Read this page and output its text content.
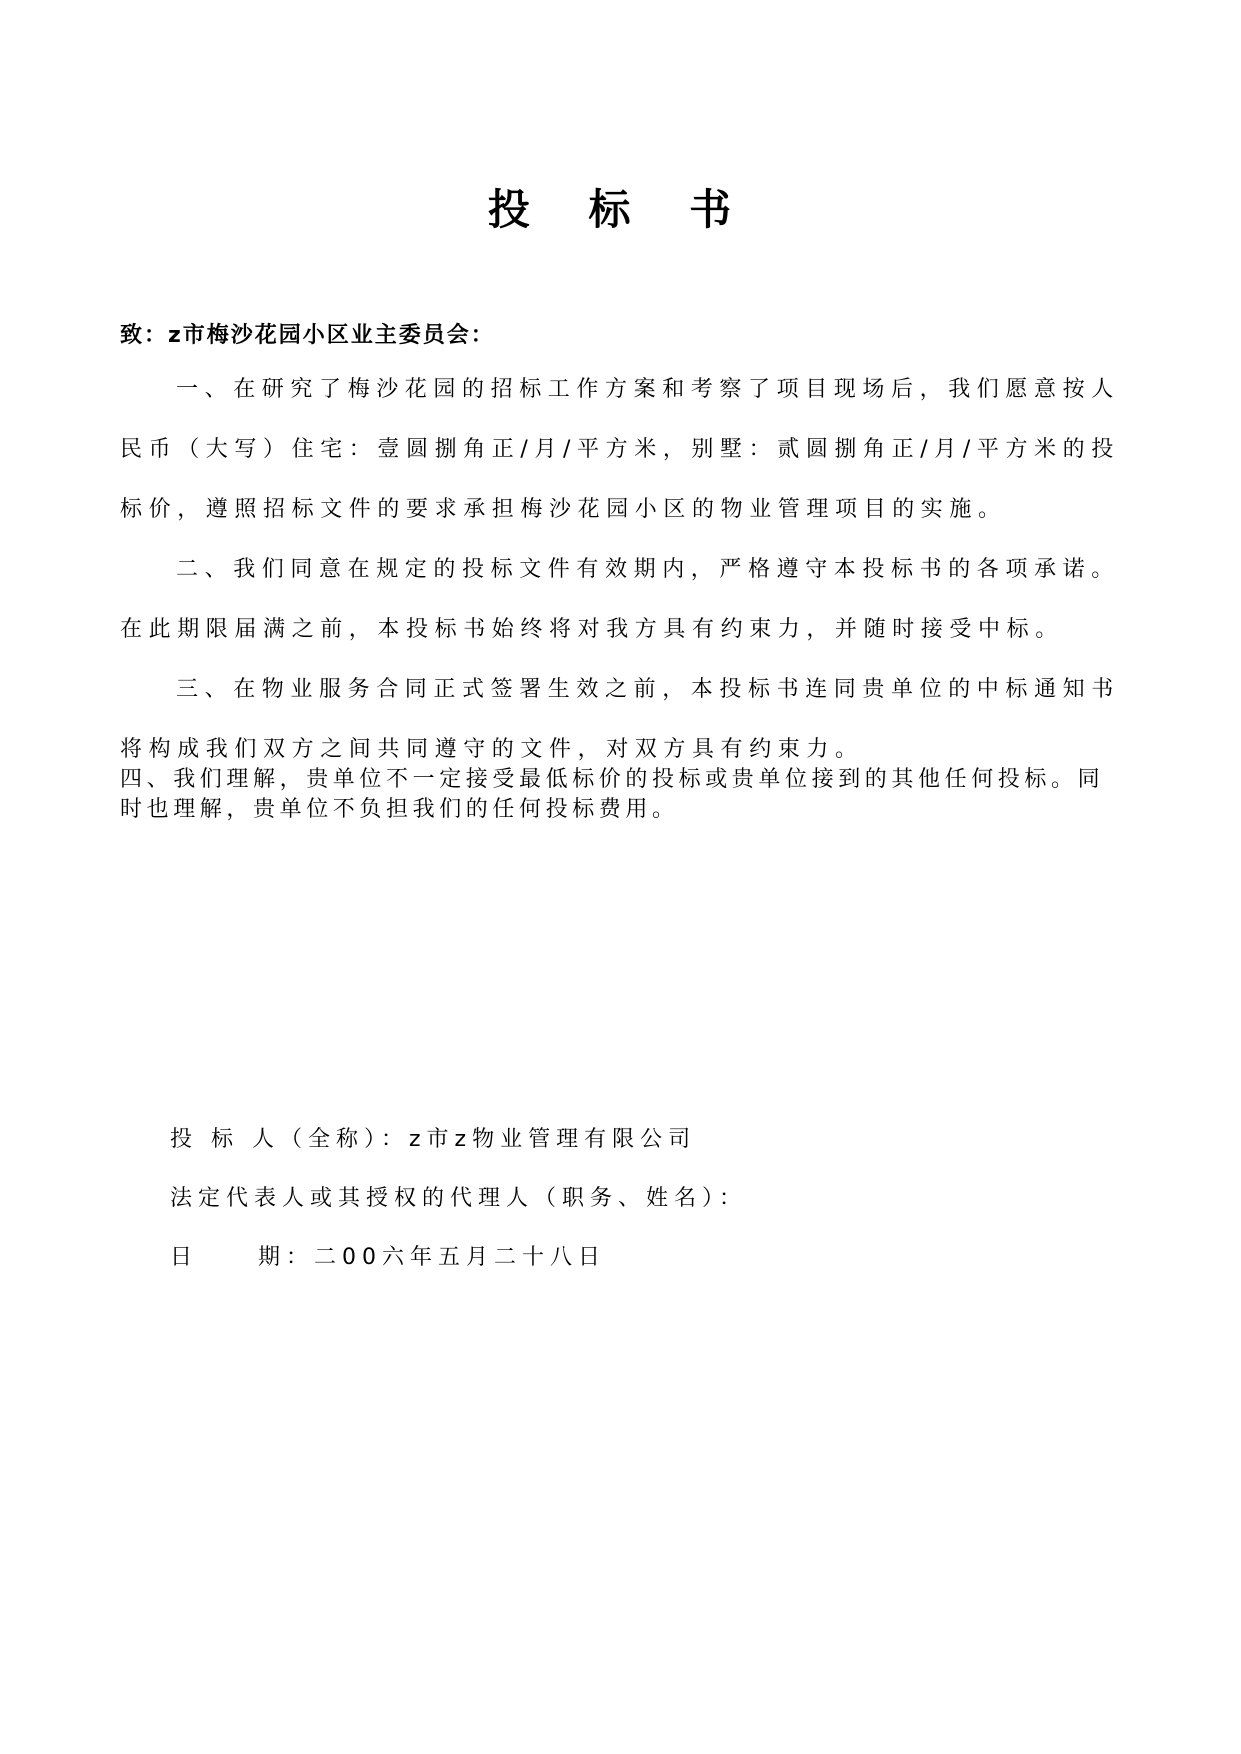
投 标 书
致：z市梅沙花园小区业主委员会：

一、在研究了梅沙花园的招标工作方案和考察了项目现场后，我们愿意按人民币（大写）住宅：壹圆捌角正/月/平方米，别墅：贰圆捌角正/月/平方米的投标价，遵照招标文件的要求承担梅沙花园小区的物业管理项目的实施。

二、我们同意在规定的投标文件有效期内，严格遵守本投标书的各项承诺。在此期限届满之前，本投标书始终将对我方具有约束力，并随时接受中标。

三、在物业服务合同正式签署生效之前，本投标书连同贵单位的中标通知书将构成我们双方之间共同遵守的文件，对双方具有约束力。

四、我们理解，贵单位不一定接受最低标价的投标或贵单位接到的其他任何投标。同时也理解，贵单位不负担我们的任何投标费用。

投 标 人（全称）：z市z物业管理有限公司
法定代表人或其授权的代理人（职务、姓名）：
日	期：二00六年五月二十八日
